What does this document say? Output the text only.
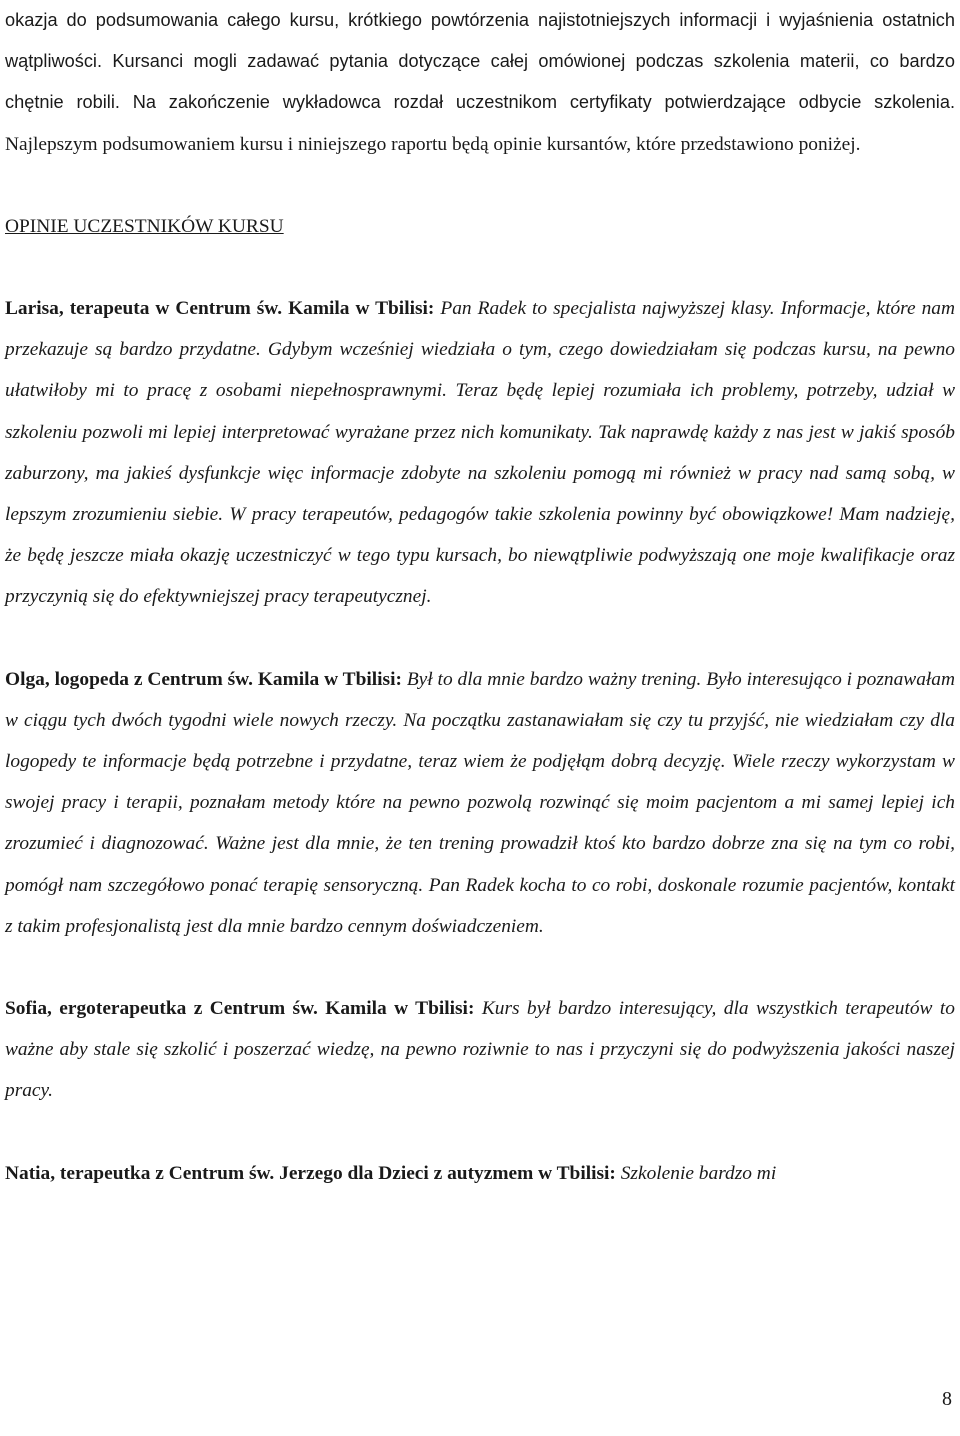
okazja do podsumowania całego kursu, krótkiego powtórzenia najistotniejszych informacji i wyjaśnienia ostatnich wątpliwości. Kursanci mogli zadawać pytania dotyczące całej omówionej podczas szkolenia materii, co bardzo chętnie robili. Na zakończenie wykładowca rozdał uczestnikom certyfikaty potwierdzające odbycie szkolenia. Najlepszym podsumowaniem kursu i niniejszego raportu będą opinie kursantów, które przedstawiono poniżej.

OPINIE UCZESTNIKÓW KURSU

Larisa, terapeuta w Centrum św. Kamila w Tbilisi: Pan Radek to specjalista najwyższej klasy. Informacje, które nam przekazuje są bardzo przydatne. Gdybym wcześniej wiedziała o tym, czego dowiedziałam się podczas kursu, na pewno ułatwiłoby mi to pracę z osobami niepełnosprawnymi. Teraz będę lepiej rozumiała ich problemy, potrzeby, udział w szkoleniu pozwoli mi lepiej interpretować wyrażane przez nich komunikaty. Tak naprawdę każdy z nas jest w jakiś sposób zaburzony, ma jakieś dysfunkcje więc informacje zdobyte na szkoleniu pomogą mi również w pracy nad samą sobą, w lepszym zrozumieniu siebie. W pracy terapeutów, pedagogów takie szkolenia powinny być obowiązkowe! Mam nadzieję, że będę jeszcze miała okazję uczestniczyć w tego typu kursach, bo niewątpliwie podwyższają one moje kwalifikacje oraz przyczynią się do efektywniejszej pracy terapeutycznej.

Olga, logopeda z Centrum św. Kamila w Tbilisi: Był to dla mnie bardzo ważny trening. Było interesująco i poznawałam w ciągu tych dwóch tygodni wiele nowych rzeczy. Na początku zastanawiałam się czy tu przyjść, nie wiedziałam czy dla logopedy te informacje będą potrzebne i przydatne, teraz wiem że podjęłąm dobrą decyzję. Wiele rzeczy wykorzystam w swojej pracy i terapii, poznałam metody które na pewno pozwolą rozwinąć się moim pacjentom a mi samej lepiej ich zrozumieć i diagnozować. Ważne jest dla mnie, że ten trening prowadził ktoś kto bardzo dobrze zna się na tym co robi, pomógł nam szczegółowo ponać terapię sensoryczną. Pan Radek kocha to co robi, doskonale rozumie pacjentów, kontakt z takim profesjonalistą jest dla mnie bardzo cennym doświadczeniem.

Sofia, ergoterapeutka z Centrum św. Kamila w Tbilisi: Kurs był bardzo interesujący, dla wszystkich terapeutów to ważne aby stale się szkolić i poszerzać wiedzę, na pewno roziwnie to nas i przyczyni się do podwyższenia jakości naszej pracy.

Natia, terapeutka z Centrum św. Jerzego dla Dzieci z autyzmem w Tbilisi: Szkolenie bardzo mi

8
